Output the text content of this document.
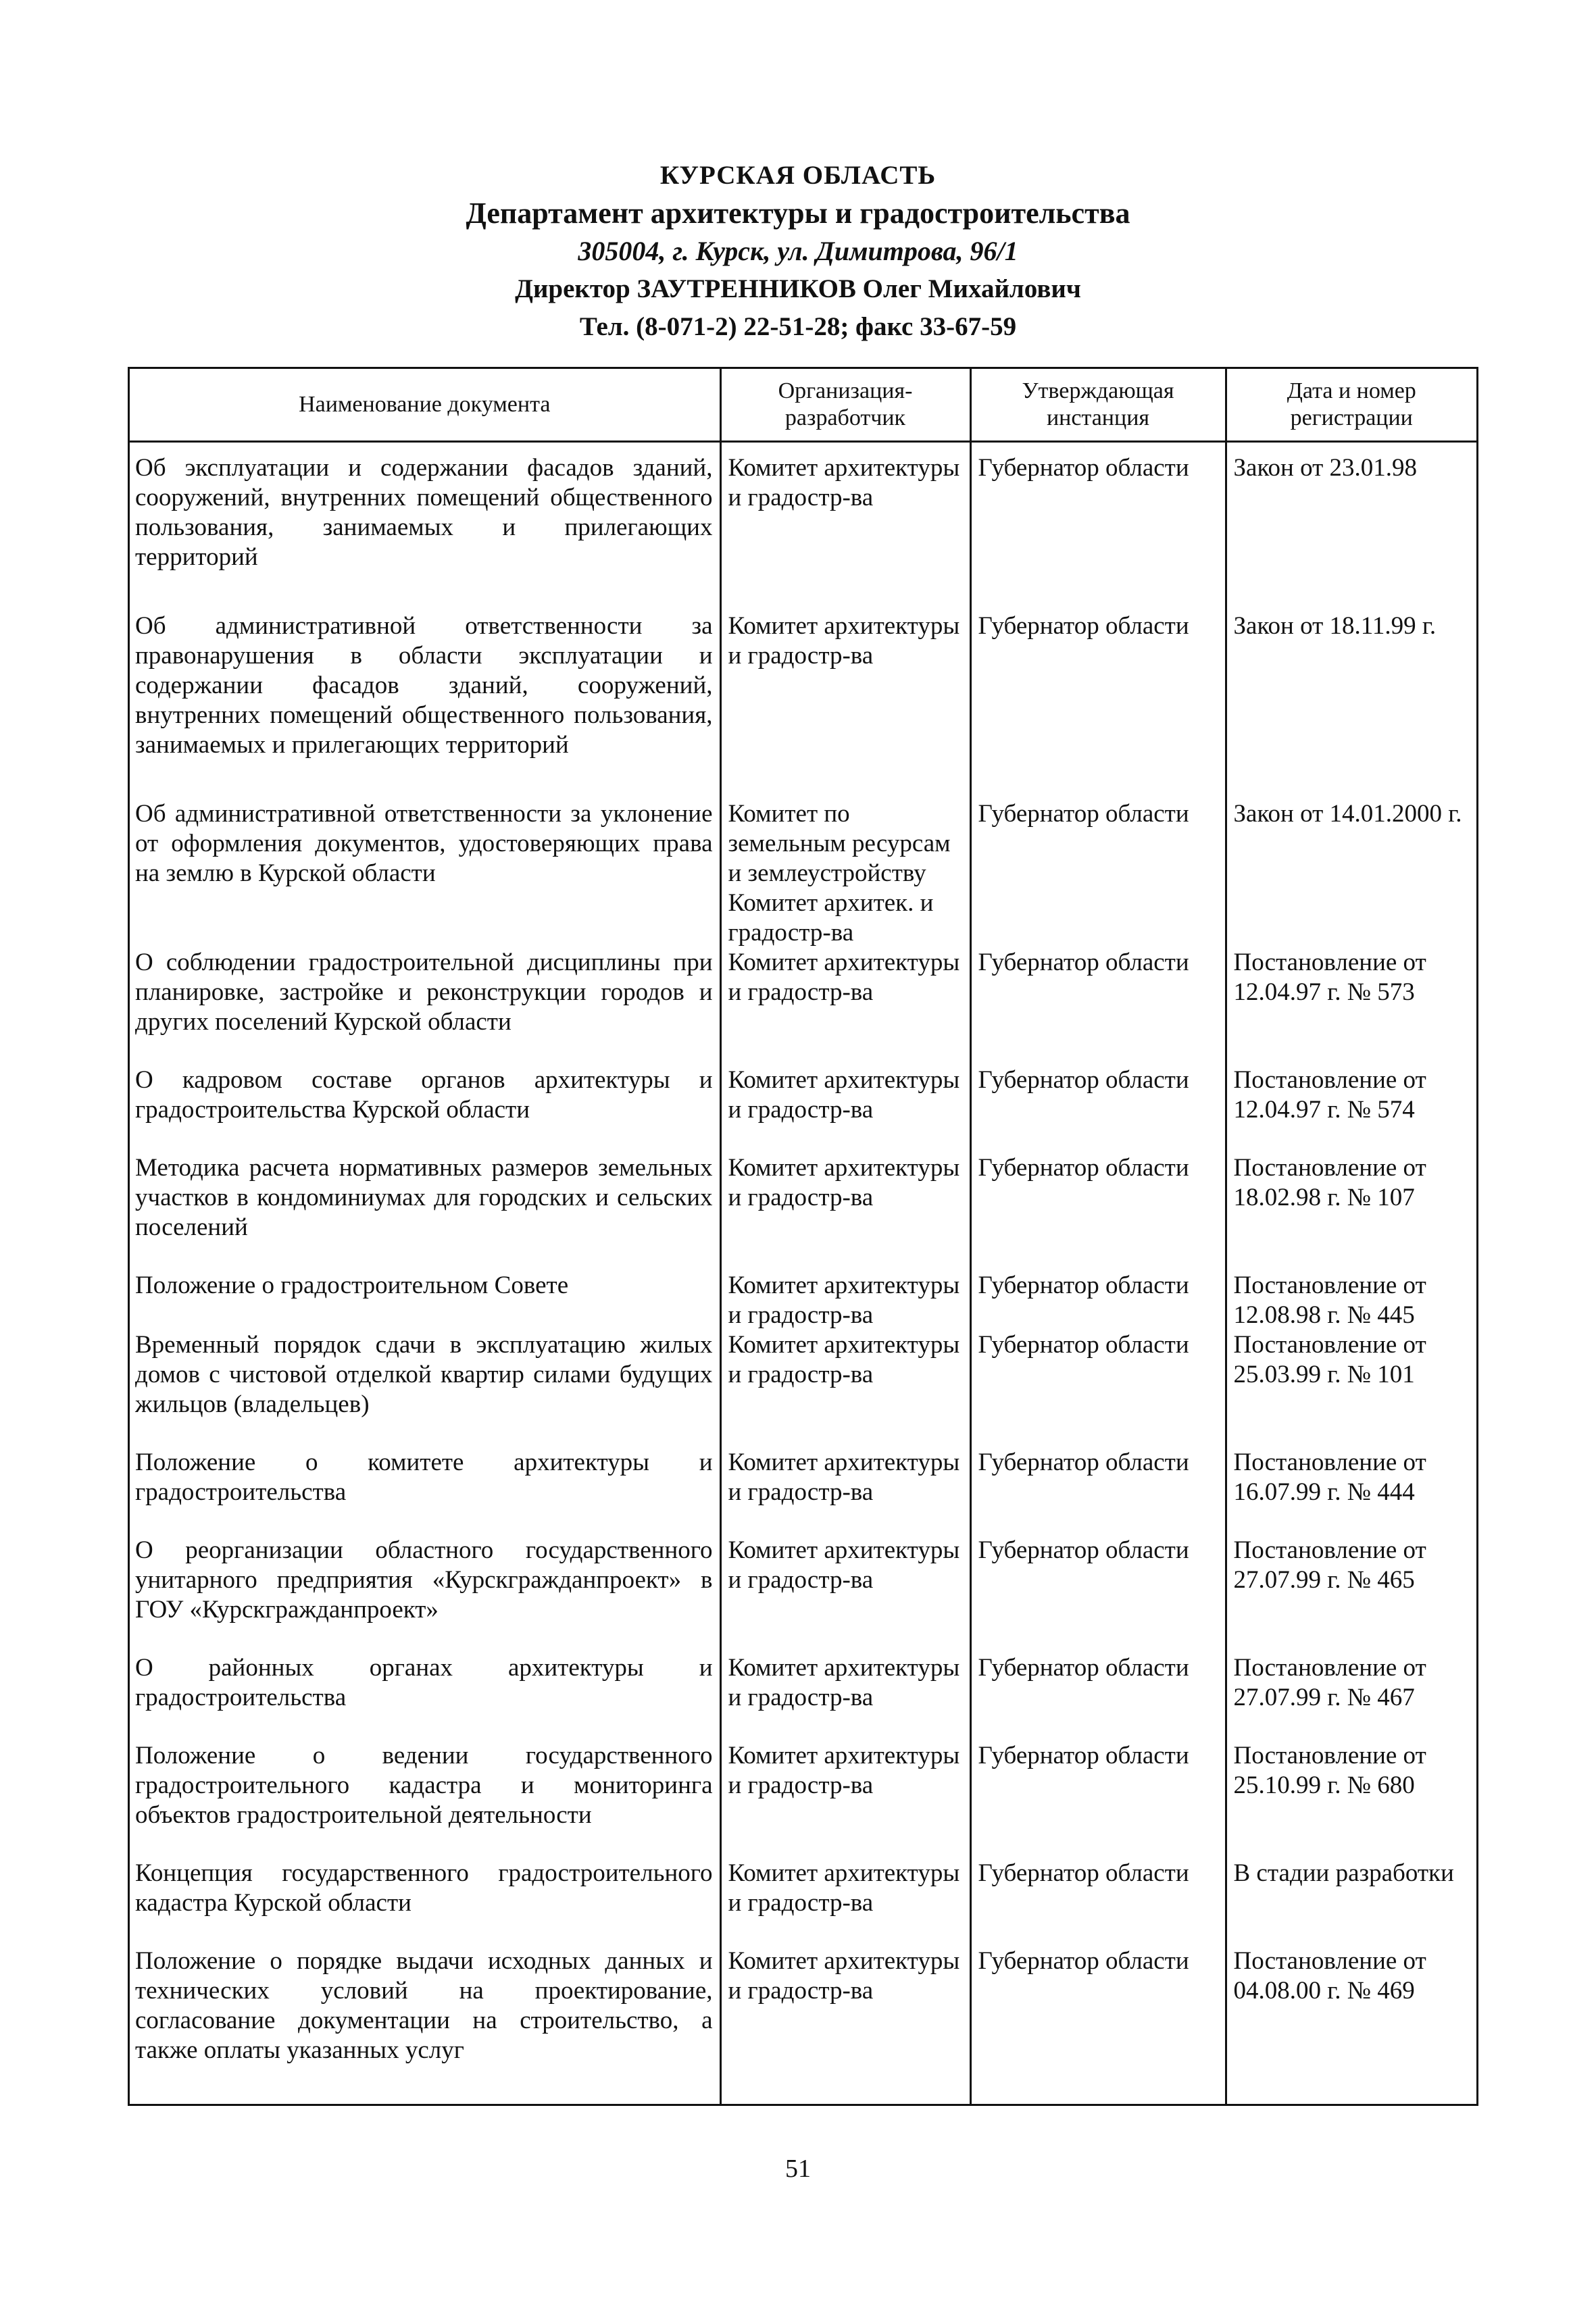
КУРСКАЯ ОБЛАСТЬ
Департамент архитектуры и градостроительства
305004, г. Курск, ул. Димитрова, 96/1
Директор ЗАУТРЕННИКОВ Олег Михайлович
Тел. (8-071-2) 22-51-28; факс 33-67-59
Наименование документа	Организация-разработчик	Утверждающая инстанция	Дата и номер регистрации
Об эксплуатации и содержании фасадов зданий, сооружений, внутренних помещений общественного пользования, занимаемых и прилегающих территорий	Комитет архитектуры и градостр-ва	Губернатор области	Закон от 23.01.98
Об административной ответственности за правонарушения в области эксплуатации и содержании фасадов зданий, сооружений, внутренних помещений общественного пользования, занимаемых и прилегающих территорий	Комитет архитектуры и градостр-ва	Губернатор области	Закон от 18.11.99 г.
Об административной ответственности за уклонение от оформления документов, удостоверяющих права на землю в Курской области	Комитет по земельным ресурсам и землеустройству Комитет архитек. и градостр-ва	Губернатор области	Закон от 14.01.2000 г.
О соблюдении градостроительной дисциплины при планировке, застройке и реконструкции городов и других поселений Курской области	Комитет архитектуры и градостр-ва	Губернатор области	Постановление от 12.04.97 г. № 573
О кадровом составе органов архитектуры и градостроительства Курской области	Комитет архитектуры и градостр-ва	Губернатор области	Постановление от 12.04.97 г. № 574
Методика расчета нормативных размеров земельных участков в кондоминиумах для городских и сельских поселений	Комитет архитектуры и градостр-ва	Губернатор области	Постановление от 18.02.98 г. № 107
Положение о градостроительном Совете	Комитет архитектуры и градостр-ва	Губернатор области	Постановление от 12.08.98 г. № 445
Временный порядок сдачи в эксплуатацию жилых домов с чистовой отделкой квартир силами будущих жильцов (владельцев)	Комитет архитектуры и градостр-ва	Губернатор области	Постановление от 25.03.99 г. № 101
Положение о комитете архитектуры и градостроительства	Комитет архитектуры и градостр-ва	Губернатор области	Постановление от 16.07.99 г. № 444
О реорганизации областного государственного унитарного предприятия «Курскгражданпроект» в ГОУ «Курскгражданпроект»	Комитет архитектуры и градостр-ва	Губернатор области	Постановление от 27.07.99 г. № 465
О районных органах архитектуры и градостроительства	Комитет архитектуры и градостр-ва	Губернатор области	Постановление от 27.07.99 г. № 467
Положение о ведении государственного градостроительного кадастра и мониторинга объектов градостроительной деятельности	Комитет архитектуры и градостр-ва	Губернатор области	Постановление от 25.10.99 г. № 680
Концепция государственного градостроительного кадастра Курской области	Комитет архитектуры и градостр-ва	Губернатор области	В стадии разработки
Положение о порядке выдачи исходных данных и технических условий на проектирование, согласование документации на строительство, а также оплаты указанных услуг	Комитет архитектуры и градостр-ва	Губернатор области	Постановление от 04.08.00 г. № 469

51
